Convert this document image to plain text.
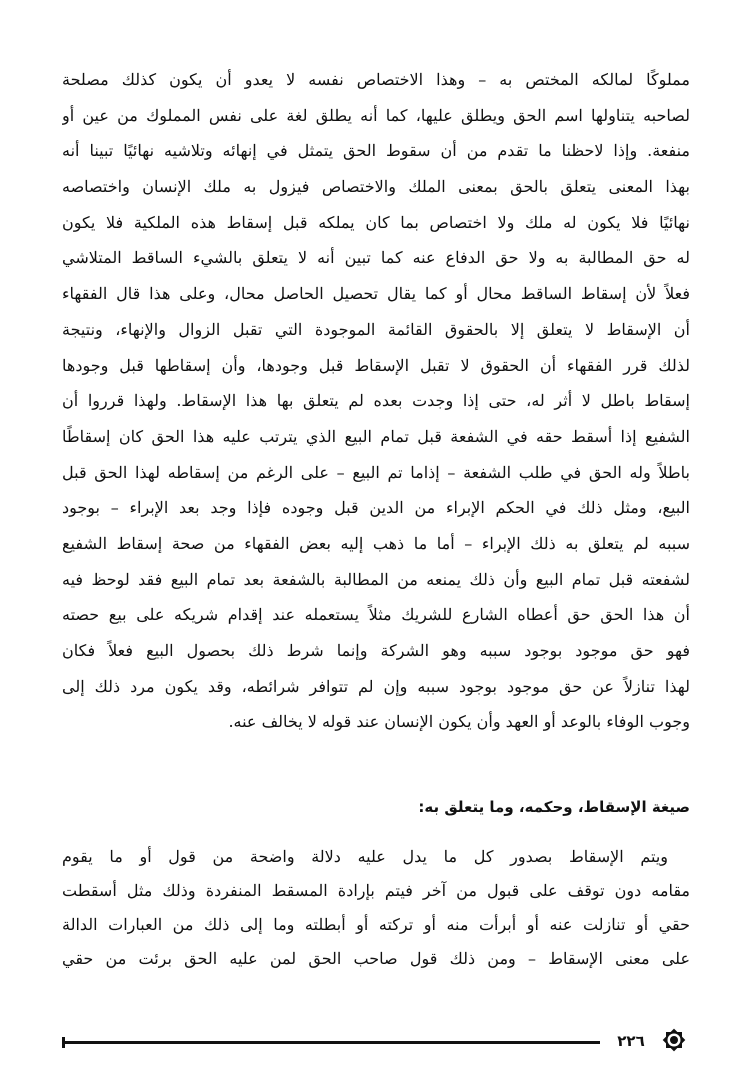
مملوكًا لمالكه المختص به – وهذا الاختصاص نفسه لا يعدو أن يكون كذلك مصلحة
لصاحبه يتناولها اسم الحق ويطلق عليها، كما أنه يطلق لغة على نفس المملوك من عين أو
منفعة. وإذا لاحظنا ما تقدم من أن سقوط الحق يتمثل في إنهائه وتلاشيه نهائيًا تبينا أنه
بهذا المعنى يتعلق بالحق بمعنى الملك والاختصاص فيزول به ملك الإنسان واختصاصه
نهائيًا فلا يكون له ملك ولا اختصاص بما كان يملكه قبل إسقاط هذه الملكية فلا يكون
له حق المطالبة به ولا حق الدفاع عنه كما تبين أنه لا يتعلق بالشيء الساقط المتلاشي
فعلاً لأن إسقاط الساقط محال أو كما يقال تحصيل الحاصل محال، وعلى هذا قال الفقهاء
أن الإسقاط لا يتعلق إلا بالحقوق القائمة الموجودة التي تقبل الزوال والإنهاء، ونتيجة
لذلك قرر الفقهاء أن الحقوق لا تقبل الإسقاط قبل وجودها، وأن إسقاطها قبل وجودها
إسقاط باطل لا أثر له، حتى إذا وجدت بعده لم يتعلق بها هذا الإسقاط. ولهذا قرروا أن
الشفيع إذا أسقط حقه في الشفعة قبل تمام البيع الذي يترتب عليه هذا الحق كان إسقاطًا
باطلاً وله الحق في طلب الشفعة – إذاما تم البيع – على الرغم من إسقاطه لهذا الحق قبل
البيع، ومثل ذلك في الحكم الإبراء من الدين قبل وجوده فإذا وجد بعد الإبراء – بوجود
سببه لم يتعلق به ذلك الإبراء – أما ما ذهب إليه بعض الفقهاء من صحة إسقاط الشفيع
لشفعته قبل تمام البيع وأن ذلك يمنعه من المطالبة بالشفعة بعد تمام البيع فقد لوحظ فيه
أن هذا الحق حق أعطاه الشارع للشريك مثلاً يستعمله عند إقدام شريكه على بيع حصته
فهو حق موجود بوجود سببه وهو الشركة وإنما شرط ذلك بحصول البيع فعلاً فكان
لهذا تنازلاً عن حق موجود بوجود سببه وإن لم تتوافر شرائطه، وقد يكون مرد ذلك إلى
وجوب الوفاء بالوعد أو العهد وأن يكون الإنسان عند قوله لا يخالف عنه.
صيغة الإسقاط، وحكمه، وما يتعلق به:
ويتم الإسقاط بصدور كل ما يدل عليه دلالة واضحة من قول أو ما يقوم
مقامه دون توقف على قبول من آخر فيتم بإرادة المسقط المنفردة وذلك مثل أسقطت
حقي أو تنازلت عنه أو أبرأت منه أو تركته أو أبطلته وما إلى ذلك من العبارات الدالة
على معنى الإسقاط – ومن ذلك قول صاحب الحق لمن عليه الحق برئت من حقي
٢٢٦
